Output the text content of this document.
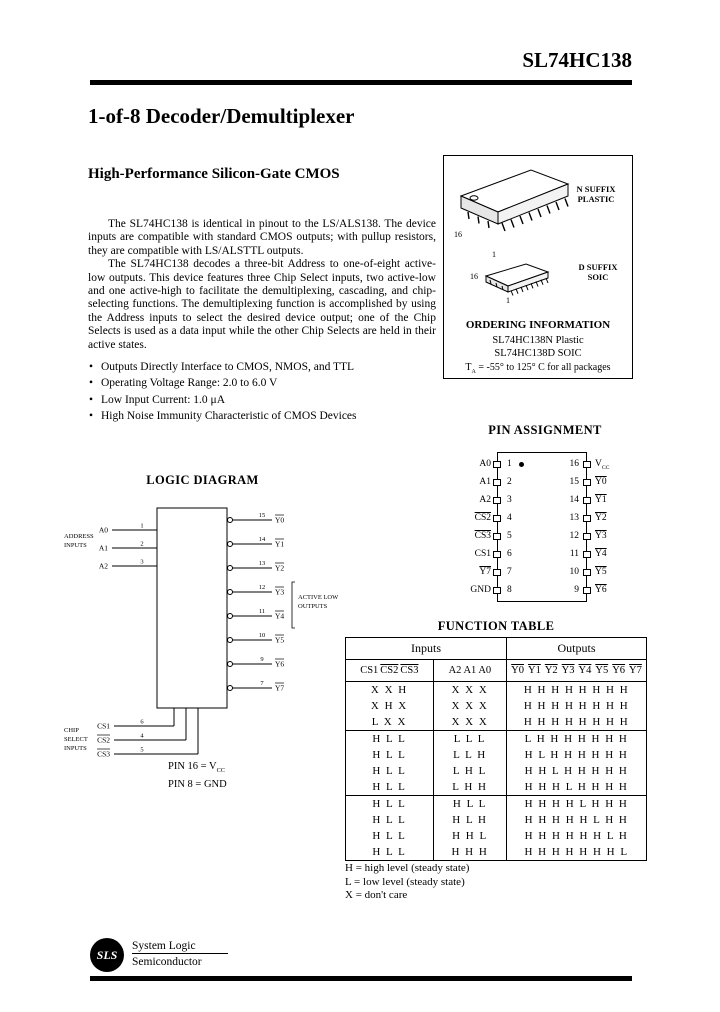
SL74HC138
1-of-8 Decoder/Demultiplexer
High-Performance Silicon-Gate CMOS

The SL74HC138 is identical in pinout to the LS/ALS138. The device inputs are compatible with standard CMOS outputs; with pullup resistors, they are compatible with LS/ALSTTL outputs.

The SL74HC138 decodes a three-bit Address to one-of-eight active-low outputs. This device features three Chip Select inputs, two active-low and one active-high to facilitate the demultiplexing, cascading, and chip-selecting functions. The demultiplexing function is accomplished by using the Address inputs to select the desired device output; one of the Chip Selects is used as a data input while the other Chip Selects are held in their active states.

• Outputs Directly Interface to CMOS, NMOS, and TTL
• Operating Voltage Range: 2.0 to 6.0 V
• Low Input Current: 1.0 μA
• High Noise Immunity Characteristic of CMOS Devices
N SUFFIX
PLASTIC
16
1
D SUFFIX
SOIC
16
1
ORDERING INFORMATION
SL74HC138N Plastic
SL74HC138D SOIC
$T_A = -55^\circ$ to 125° C for all packages
PIN ASSIGNMENT
A0 1	16 $V_{CC}$
A1 2	15 Y0
A2 3	14 Y1
CS2 4	13 Y2
CS3 5	12 Y3
CS1 6	11 Y4
Y7 7	10 Y5
GND 8	9 Y6
LOGIC DIAGRAM
A0	1
A1	2
A2	3
15 Y0
14 Y1
13 Y2
12 Y3
11 Y4
10 Y5
9 Y6
7 Y7
CS1	6
CS2	4
CS3	5
ADDRESS
INPUTS
CHIP
SELECT
INPUTS
ACTIVE LOW
OUTPUTS
PIN $16 = V_{CC}$
PIN 8 = GND
FUNCTION TABLE
Inputs		Outputs
CS1 CS2 CS3	A2 A1 A0	Y0 Y1 Y2 Y3 Y4 Y5 Y6 Y7
X X H	X X X	H H H H H H H H
X H X	X X X	H H H H H H H H
L X X	X X X	H H H H H H H H
H L L	L L L	L H H H H H H H
H L L	L L H	H L H H H H H H
H L L	L H L	H H L H H H H H
H L L	L H H	H H H L H H H H
H L L	H L L	H H H H L H H H
H L L	H L H	H H H H H L H H
H L L	H H L	H H H H H H L H
H L L	H H H	H H H H H H H L
H = high level (steady state)
L = low level (steady state)
X = don't care
SLS
System Logic
Semiconductor
